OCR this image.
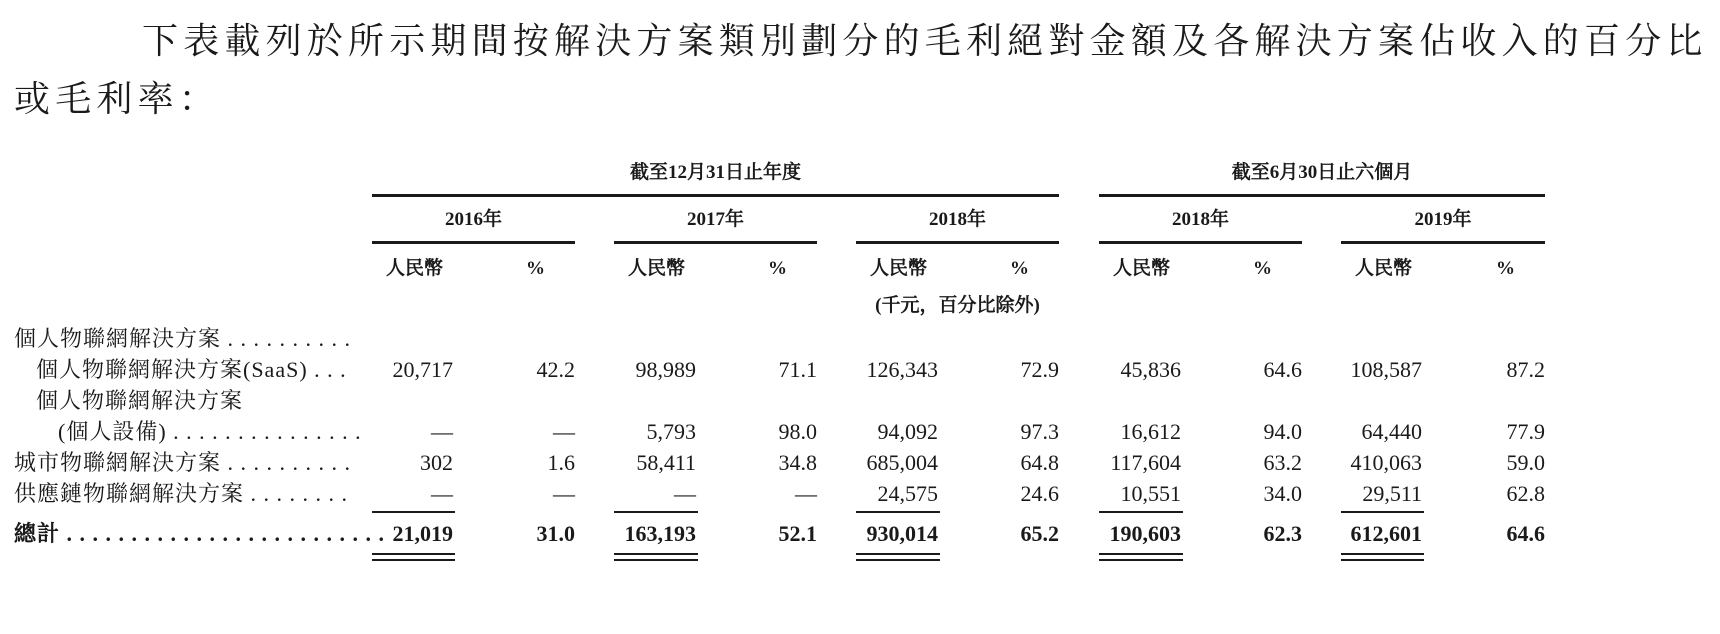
下表載列於所示期間按解決方案類別劃分的毛利絕對金額及各解決方案佔收入的百分比或毛利率：

截至12月31日止年度	截至6月30日止六個月
2016年
人民幣	%
2017年
人民幣	%
2018年
人民幣	%
2018年
人民幣	%
2019年
人民幣	%
(千元，百分比除外)
個人物聯網解決方案 . . . . . . . . . .
個人物聯網解決方案(SaaS) . . .	20,717	42.2	98,989	71.1	126,343	72.9	45,836	64.6	108,587	87.2
個人物聯網解決方案
(個人設備) . . . . . . . . . . . . . . .	—	—	5,793	98.0	94,092	97.3	16,612	94.0	64,440	77.9
城市物聯網解決方案 . . . . . . . . . .	302	1.6	58,411	34.8	685,004	64.8	117,604	63.2	410,063	59.0
供應鏈物聯網解決方案 . . . . . . . .	—	—	—	—	24,575	24.6	10,551	34.0	29,511	62.8
總計 . . . . . . . . . . . . . . . . . . . . . . . . . 21,019	31.0	163,193	52.1	930,014	65.2	190,603	62.3	612,601	64.6
